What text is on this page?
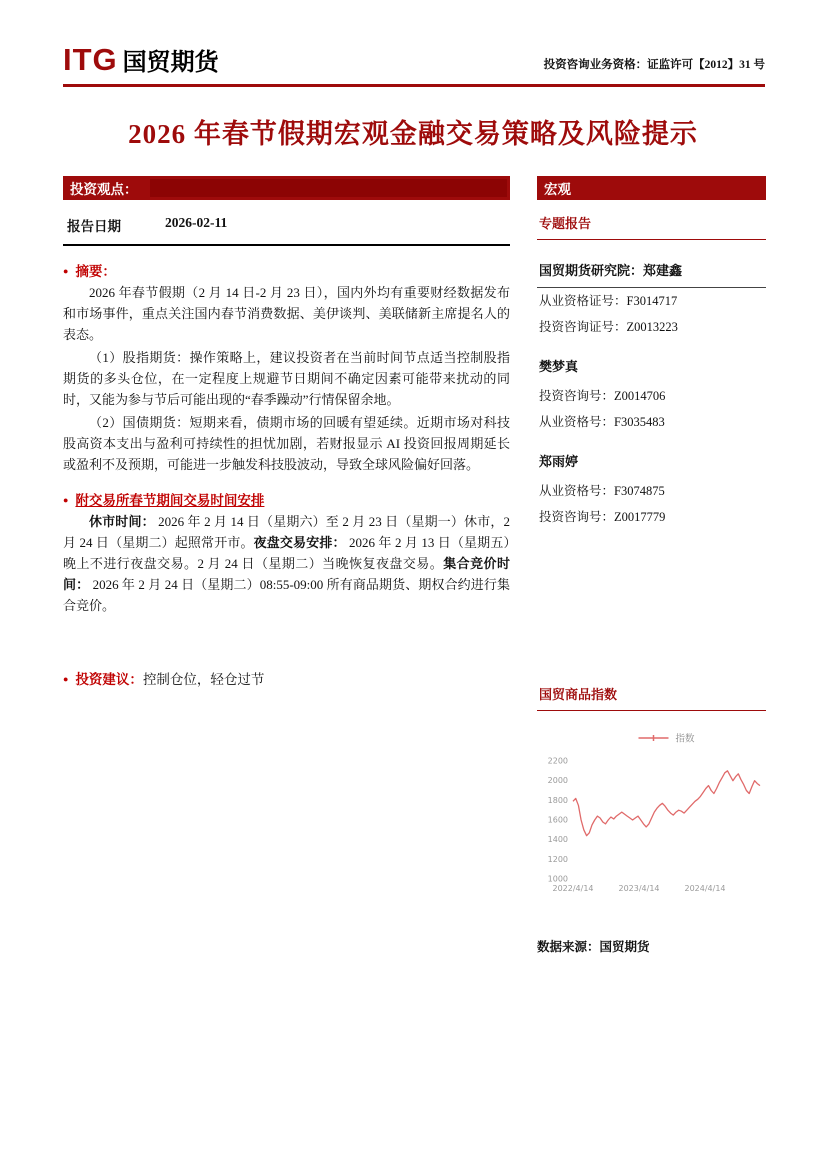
ITG 国贸期货	投资咨询业务资格：证监许可【2012】31 号
2026 年春节假期宏观金融交易策略及风险提示
投资观点：
报告日期	2026-02-11
● 摘要：

2026 年春节假期（2 月 14 日-2 月 23 日），国内外均有重要财经数据发布和市场事件，重点关注国内春节消费数据、美伊谈判、美联储新主席提名人的表态。

（1）股指期货：操作策略上，建议投资者在当前时间节点适当控制股指期货的多头仓位，在一定程度上规避节日期间不确定因素可能带来扰动的同时，又能为参与节后可能出现的“春季躁动”行情保留余地。

（2）国债期货：短期来看，债期市场的回暖有望延续。近期市场对科技股高资本支出与盈利可持续性的担忧加剧，若财报显示 AI 投资回报周期延长或盈利不及预期，可能进一步触发科技股波动，导致全球风险偏好回落。

● 附交易所春节期间交易时间安排

休市时间： 2026 年 2 月 14 日（星期六）至 2 月 23 日（星期一）休市，2 月 24 日（星期二）起照常开市。夜盘交易安排： 2026 年 2 月 13 日（星期五）晚上不进行夜盘交易。2 月 24 日（星期二）当晚恢复夜盘交易。集合竞价时间： 2026 年 2 月 24 日（星期二）08:55-09:00 所有商品期货、期权合约进行集合竞价。

● 投资建议： 控制仓位，轻仓过节
宏观
专题报告
国贸期货研究院：郑建鑫
从业资格证号：F3014717
投资咨询证号：Z0013223
樊梦真
投资咨询号：Z0014706
从业资格号：F3035483
郑雨婷
从业资格号：F3074875
投资咨询号：Z0017779
国贸商品指数
1000
1200
1400
1600
1800
2000
2200
2022/4/14	2023/4/14	2024/4/14
指数
数据来源：国贸期货
